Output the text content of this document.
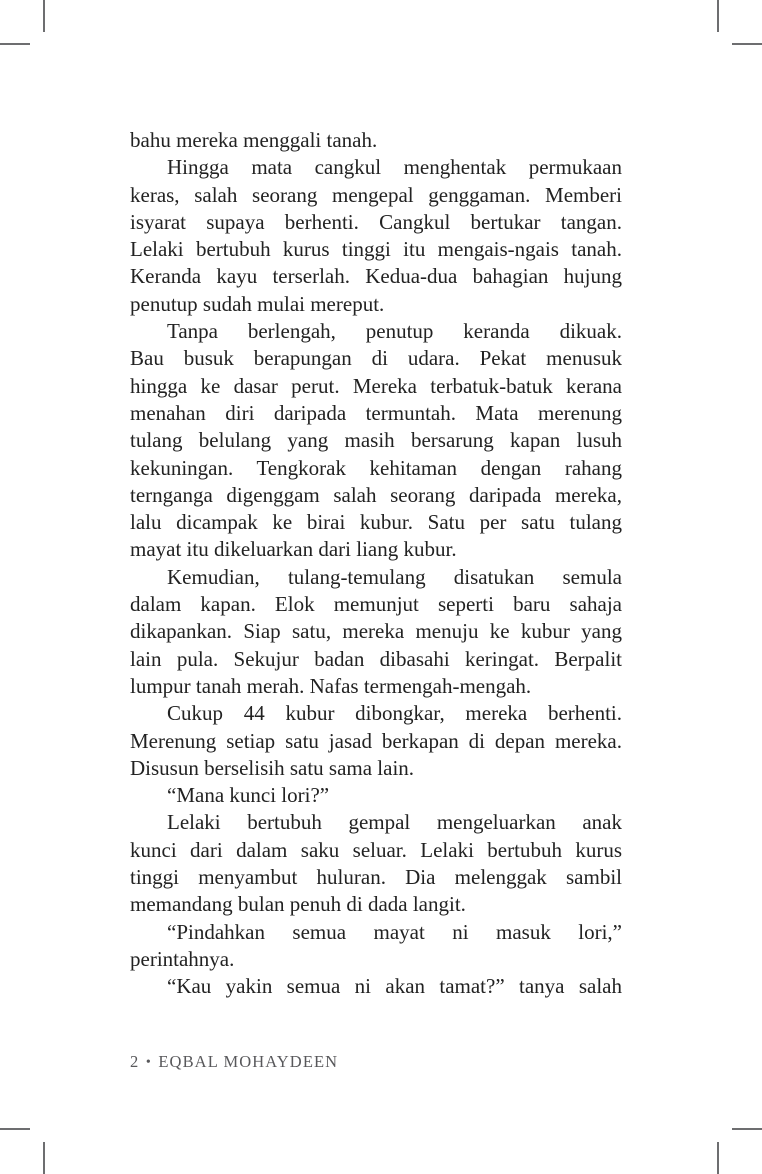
bahu mereka menggali tanah.
Hingga mata cangkul menghentak permukaan
keras, salah seorang mengepal genggaman. Memberi
isyarat supaya berhenti. Cangkul bertukar tangan.
Lelaki bertubuh kurus tinggi itu mengais-ngais tanah.
Keranda kayu terserlah. Kedua-dua bahagian hujung
penutup sudah mulai mereput.
Tanpa berlengah, penutup keranda dikuak.
Bau busuk berapungan di udara. Pekat menusuk
hingga ke dasar perut. Mereka terbatuk-batuk kerana
menahan diri daripada termuntah. Mata merenung
tulang belulang yang masih bersarung kapan lusuh
kekuningan. Tengkorak kehitaman dengan rahang
ternganga digenggam salah seorang daripada mereka,
lalu dicampak ke birai kubur. Satu per satu tulang
mayat itu dikeluarkan dari liang kubur.
Kemudian, tulang-temulang disatukan semula
dalam kapan. Elok memunjut seperti baru sahaja
dikapankan. Siap satu, mereka menuju ke kubur yang
lain pula. Sekujur badan dibasahi keringat. Berpalit
lumpur tanah merah. Nafas termengah-mengah.
Cukup 44 kubur dibongkar, mereka berhenti.
Merenung setiap satu jasad berkapan di depan mereka.
Disusun berselisih satu sama lain.
“Mana kunci lori?”
Lelaki bertubuh gempal mengeluarkan anak
kunci dari dalam saku seluar. Lelaki bertubuh kurus
tinggi menyambut huluran. Dia melenggak sambil
memandang bulan penuh di dada langit.
“Pindahkan semua mayat ni masuk lori,”
perintahnya.
“Kau yakin semua ni akan tamat?” tanya salah
2 • EQBAL MOHAYDEEN
